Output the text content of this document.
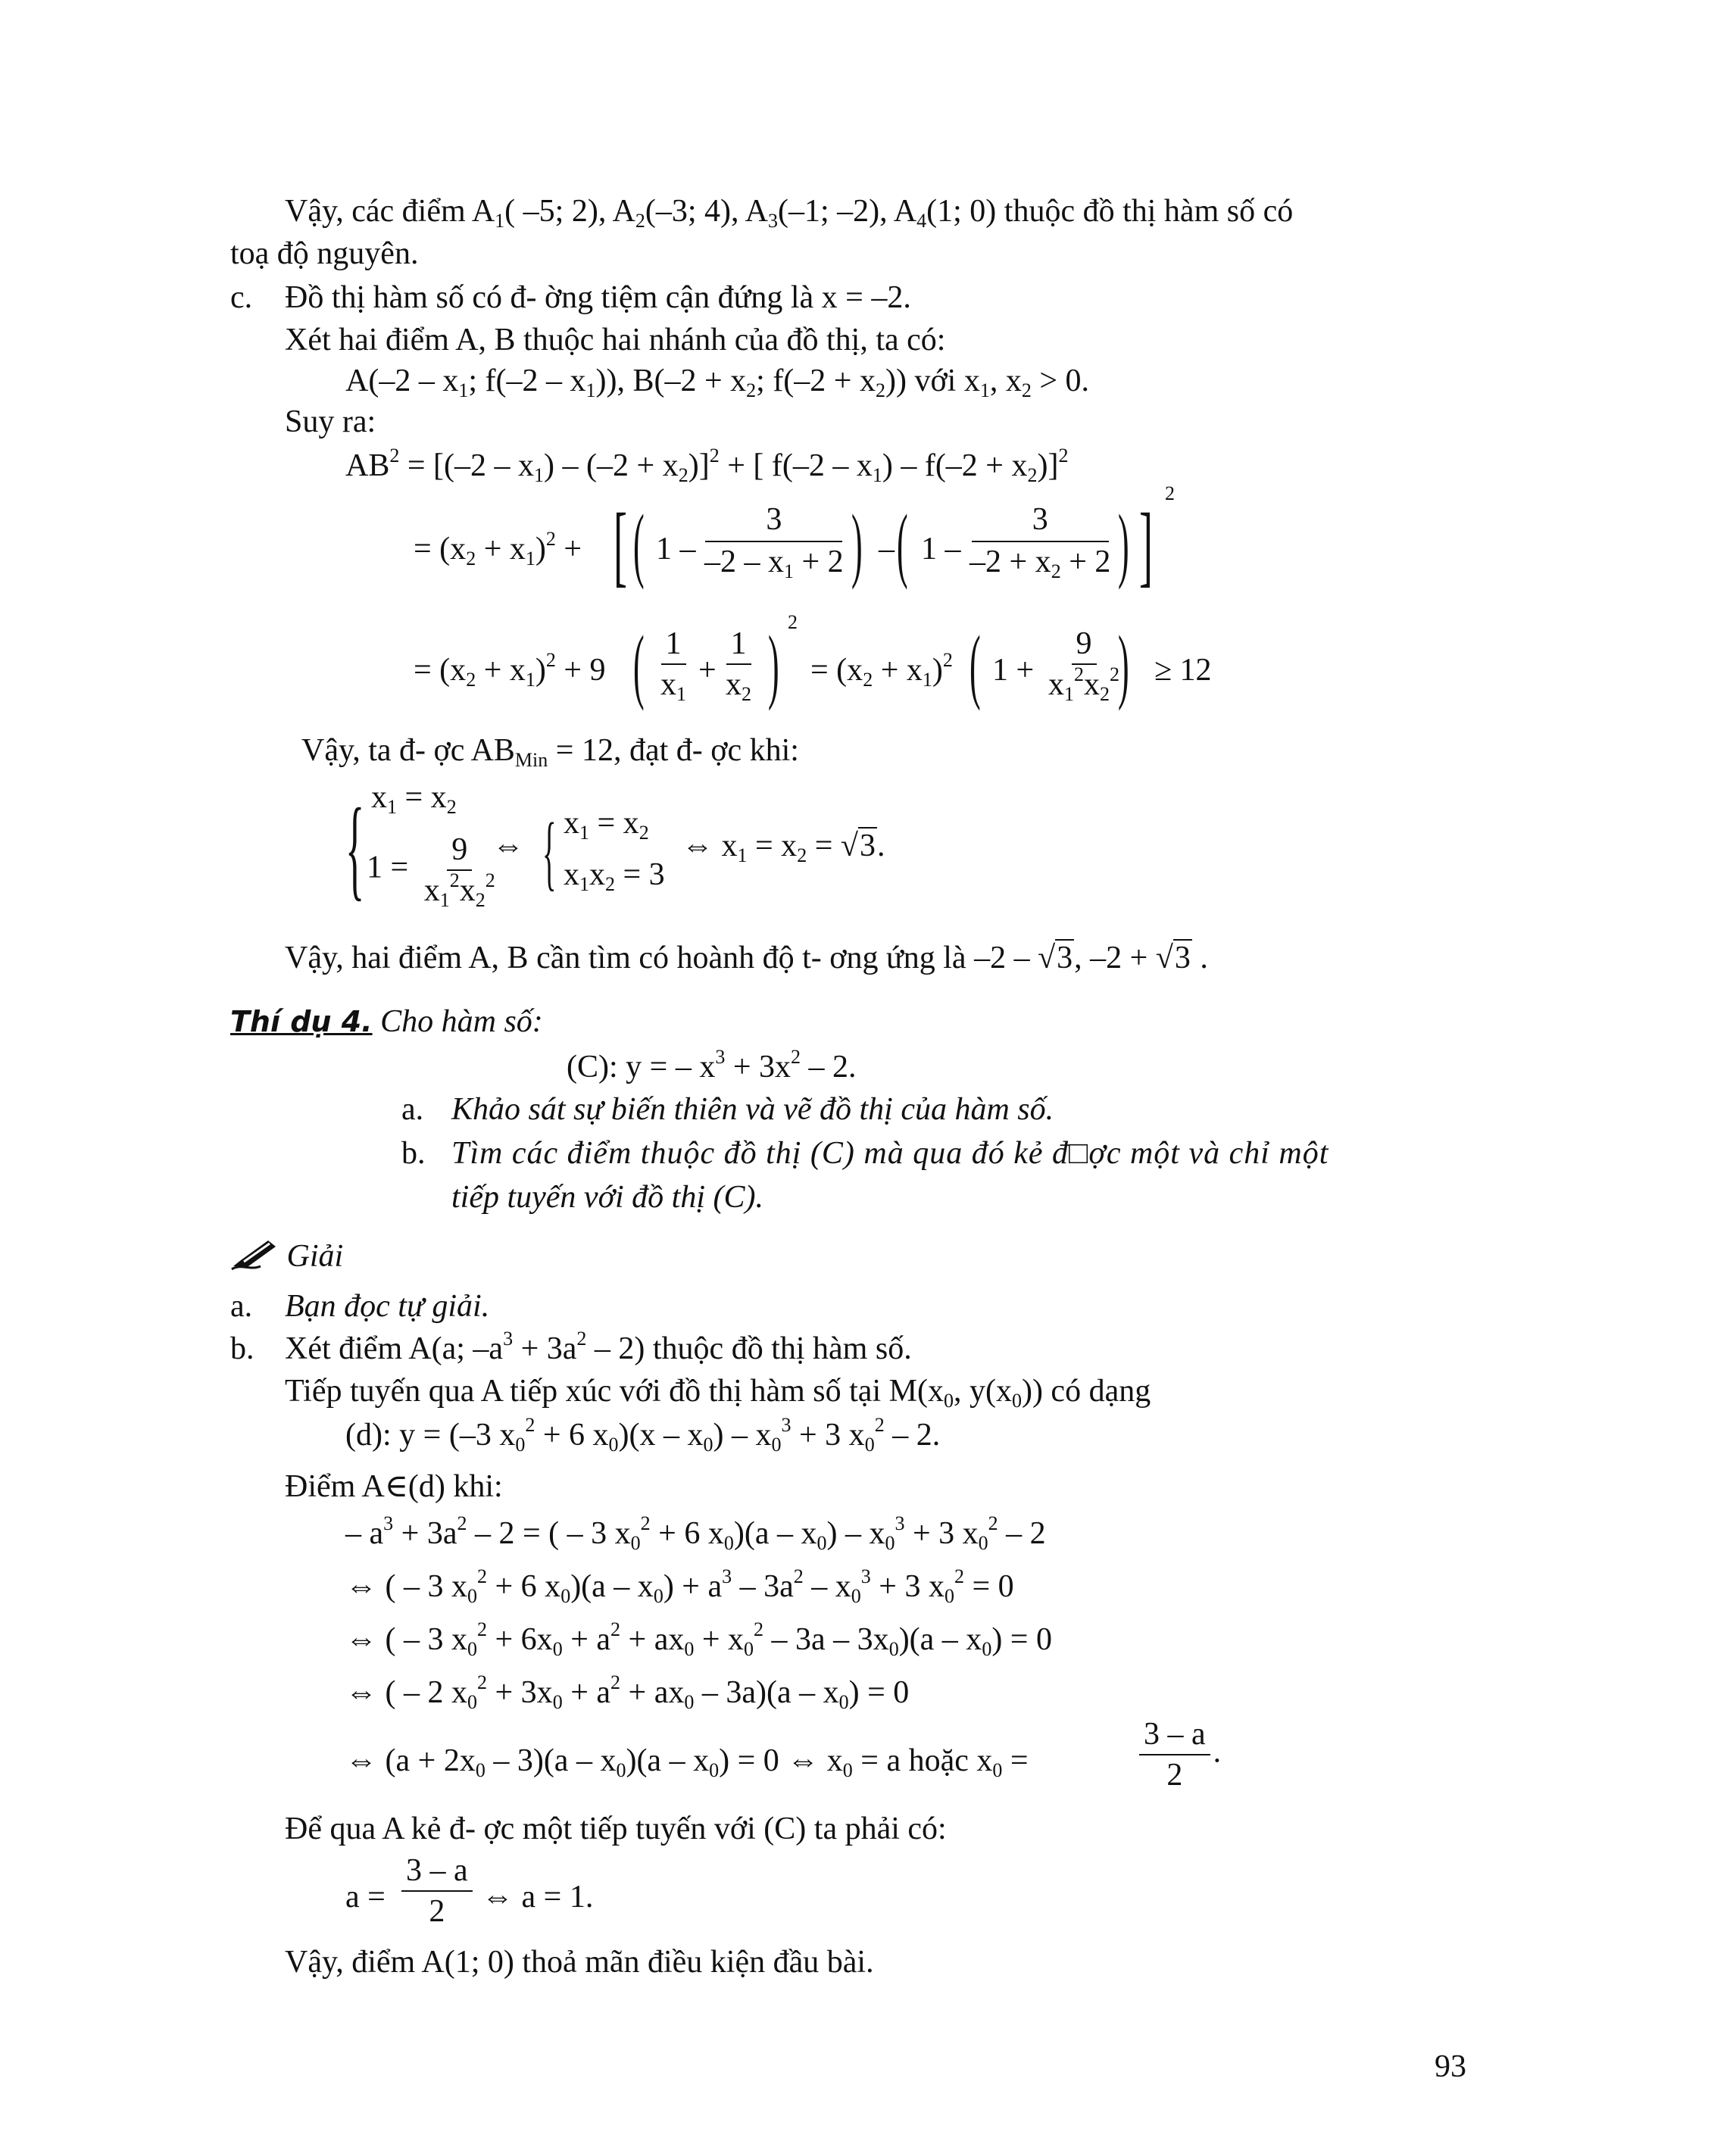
Vậy, các điểm $A_1$( –5; 2), $A_2(-3$; 4), $A_3(-1$; –2), $A_4(1$; 0) thuộc đồ thị hàm số có
toạ độ nguyên.
c. Đồ thị hàm số có đ- ờng tiệm cận đứng là x = –2.
Xét hai điểm A, B thuộc hai nhánh của đồ thị, ta có:
$A(-2 - x_1$; $f(-2 - x_1)$), $B(-2 + x_2$; $f(-2 + x_2)$) với $x_1$, $x_2 > 0$.
Suy ra:
$AB^2 = [(-2 - x_1) - (-2 + x_2)]^2$ + [ $f(-2 - x_1) - f(-2 + x_2)]^2$
= $(x_2 + x_1)^2$ + [ ( $1 - \frac{3}{-2 - x_1 + 2}$ ) – ( $1 - \frac{3}{-2 + x_2 + 2}$ ) ]
$^2$
= $(x_2 + x_1)^2 + 9$ ( $\frac{1}{x_1} + \frac{1}{x_2}$ ) $^2$
= $(x_2 + x_1)^2$ ( $1 + \frac{9}{x_1^2x_2^2}$
) ≥ 12
Vậy, ta đ- ợc $AB_{Min} = 12$, đạt đ- ợc khi:
{ $x_1 = x_2$
$1 = \frac{9}{x_1^2x_2^2}$
⇔ { $x_1 = x_2$
$x_1x_2 = 3$
⇔ $x_1 = x_2 = √3$.
Vậy, hai điểm A, B cần tìm có hoành độ t- ơng ứng là –2 – √3, –2 + √3 .
Thí dụ 4. Cho hàm số:
(C): y = – $x^3 + 3x^2 - 2$.
a. Khảo sát sự biến thiên và vẽ đồ thị của hàm số.
b. Tìm các điểm thuộc đồ thị (C) mà qua đó kẻ đ□ợc một và chỉ một
tiếp tuyến với đồ thị (C).
Giải
a. Bạn đọc tự giải.
b. Xét điểm A(a; $-a^3 + 3a^2 - 2$) thuộc đồ thị hàm số.
Tiếp tuyến qua A tiếp xúc với đồ thị hàm số tại $M(x_0$, $y(x_0)$) có dạng
(d): y = (–3 $x_0^2 + 6$ $x_0)(x - x_0) - x_0^3 + 3$ $x_0^2 - 2$.
Điểm A∈(d) khi:
– $a^3 + 3a^2 - 2$ = ( – 3 $x_0^2 + 6$ $x_0)(a - x_0) - x_0^3 + 3$ $x_0^2 - 2$
⇔ ( – 3 $x_0^2 + 6$ $x_0)(a - x_0) + a^3 - 3a^2 - x_0^3 + 3$ $x_0^2 = 0$
⇔ ( – 3 $x_0^2 + 6x_0 + a^2 + ax_0 + x_0^2 - 3a - 3x_0)(a - x_0) = 0$
⇔ ( – 2 $x_0^2 + 3x_0 + a^2 + ax_0 - 3a)(a - x_0) = 0$
⇔ $(a + 2x_0 - 3)(a - x_0)(a - x_0) = 0$ ⇔ $x_0 = a$ hoặc $x_0$ =	$\frac{3 - a}{2}$ .
Để qua A kẻ đ- ợc một tiếp tuyến với (C) ta phải có:
$a = \frac{3 - a}{2}$ ⇔ a = 1.
Vậy, điểm A(1; 0) thoả mãn điều kiện đầu bài.
93
